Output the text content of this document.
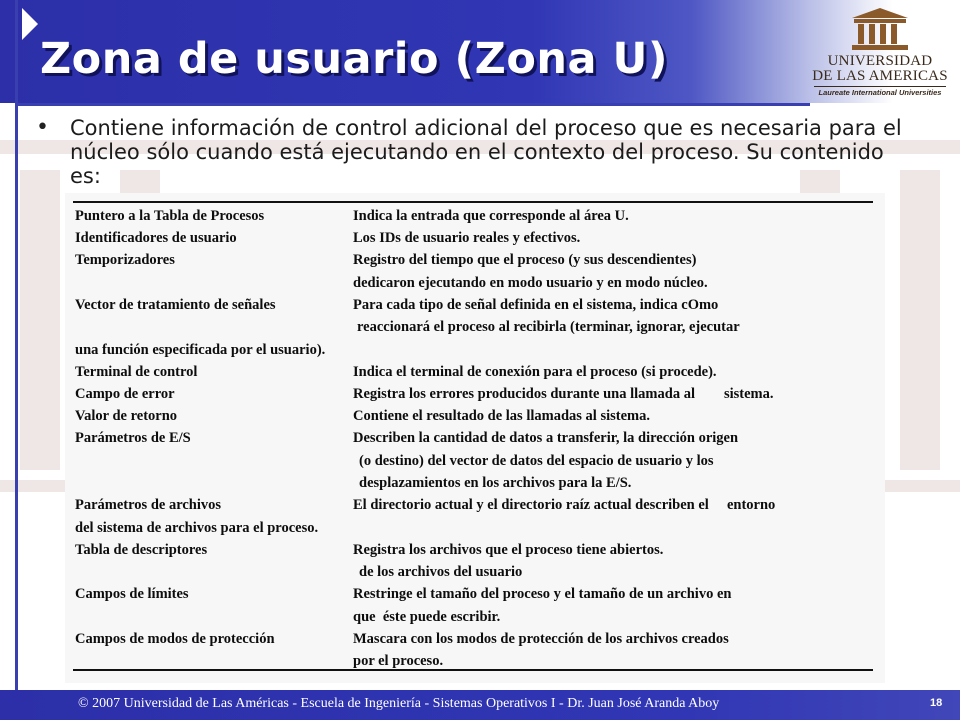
Zona de usuario (Zona U)	UNIVERSIDAD
DE LAS AMERICAS
Laureate International Universities
• Contiene información de control adicional del proceso que es necesaria para el núcleo sólo cuando está ejecutando en el contexto del proceso. Su contenido es:

Puntero a la Tabla de Procesos	Indica la entrada que corresponde al área U.
Identificadores de usuario	Los IDs de usuario reales y efectivos.
Temporizadores	Registro del tiempo que el proceso (y sus descendientes)
dedicaron ejecutando en modo usuario y en modo núcleo.
Vector de tratamiento de señales	Para cada tipo de señal definida en el sistema, indica cOmo
reaccionará el proceso al recibirla (terminar, ignorar, ejecutar
una función especificada por el usuario).
Terminal de control	Indica el terminal de conexión para el proceso (si procede).
Campo de error	Registra los errores producidos durante una llamada al        sistema.
Valor de retorno	Contiene el resultado de las llamadas al sistema.
Parámetros de E/S	Describen la cantidad de datos a transferir, la dirección origen
(o destino) del vector de datos del espacio de usuario y los
desplazamientos en los archivos para la E/S.
Parámetros de archivos	El directorio actual y el directorio raíz actual describen el     entorno
del sistema de archivos para el proceso.
Tabla de descriptores	Registra los archivos que el proceso tiene abiertos.
de los archivos del usuario
Campos de límites	Restringe el tamaño del proceso y el tamaño de un archivo en
que  éste puede escribir.
Campos de modos de protección	Mascara con los modos de protección de los archivos creados
por el proceso.
© 2007 Universidad de Las Américas - Escuela de Ingeniería - Sistemas Operativos I - Dr. Juan José Aranda Aboy	18
